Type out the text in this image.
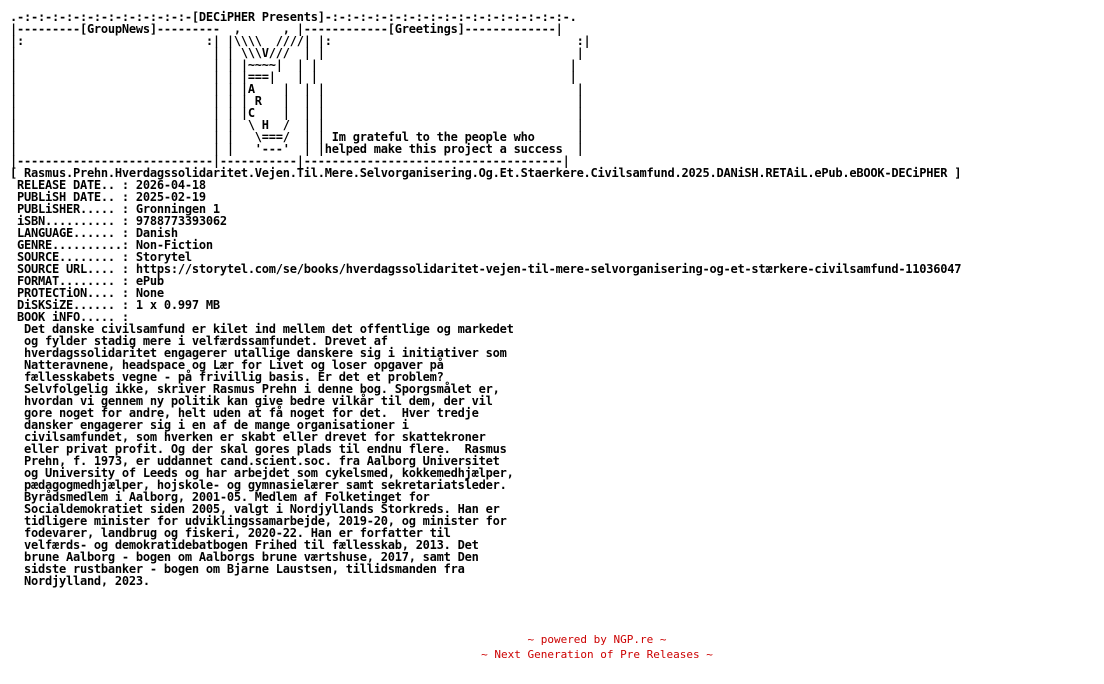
.-:-:-:-:-:-:-:-:-:-:-:-:-[DECiPHER Presents]-:-:-:-:-:-:-:-:-:-:-:-:-:-:-:-:-:-.
|---------[GroupNews]---------  ,      , |------------[Greetings]-------------|
|:                          :| |\\\\  ////| |:                                   :|
|                            | | \\\V///  | |                                    |
|                            | | |~~~~|  | |                                    |
|                            | | |===|   | |                                    |
|                            | | |A    |  | |                                    |
|                            | | | R   |  | |                                    |
|                            | | |C    |  | |                                    |
|                            | |  \ H  /  | |                                    |
|                            | |   \===/  | | Im grateful to the people who      |
|                            | |   '---'  | |helped make this project a success  |
|----------------------------|-----------|-------------------------------------|
[ Rasmus.Prehn.Hverdagssolidaritet.Vejen.Til.Mere.Selvorganisering.Og.Et.Staerkere.Civilsamfund.2025.DANiSH.RETAiL.ePub.eBOOK-DECiPHER ]
RELEASE DATE.. : 2026-04-18
PUBLiSH DATE.. : 2025-02-19
PUBLiSHER..... : Gronningen 1
iSBN.......... : 9788773393062
LANGUAGE...... : Danish
GENRE..........: Non-Fiction
SOURCE........ : Storytel
SOURCE URL.... : https://storytel.com/se/books/hverdagssolidaritet-vejen-til-mere-selvorganisering-og-et-stærkere-civilsamfund-11036047
FORMAT........ : ePub
PROTECTiON.... : None
DiSKSiZE...... : 1 x 0.997 MB
BOOK iNFO..... :
Det danske civilsamfund er kilet ind mellem det offentlige og markedet
og fylder stadig mere i velfærdssamfundet. Drevet af
hverdagssolidaritet engagerer utallige danskere sig i initiativer som
Natteravnene, headspace og Lær for Livet og loser opgaver på
fællesskabets vegne - på frivillig basis. Er det et problem?
Selvfolgelig ikke, skriver Rasmus Prehn i denne bog. Sporgsmålet er,
hvordan vi gennem ny politik kan give bedre vilkår til dem, der vil
gore noget for andre, helt uden at få noget for det.  Hver tredje
dansker engagerer sig i en af de mange organisationer i
civilsamfundet, som hverken er skabt eller drevet for skattekroner
eller privat profit. Og der skal gores plads til endnu flere.  Rasmus
Prehn, f. 1973, er uddannet cand.scient.soc. fra Aalborg Universitet
og University of Leeds og har arbejdet som cykelsmed, kokkemedhjælper,
pædagogmedhjælper, hojskole- og gymnasielærer samt sekretariatsleder.
Byrådsmedlem i Aalborg, 2001-05. Medlem af Folketinget for
Socialdemokratiet siden 2005, valgt i Nordjyllands Storkreds. Han er
tidligere minister for udviklingssamarbejde, 2019-20, og minister for
fodevarer, landbrug og fiskeri, 2020-22. Han er forfatter til
velfærds- og demokratidebatbogen Frihed til fællesskab, 2013. Det
brune Aalborg - bogen om Aalborgs brune værtshuse, 2017, samt Den
sidste rustbanker - bogen om Bjarne Laustsen, tillidsmanden fra
Nordjylland, 2023.
~ powered by NGP.re ~
~ Next Generation of Pre Releases ~
